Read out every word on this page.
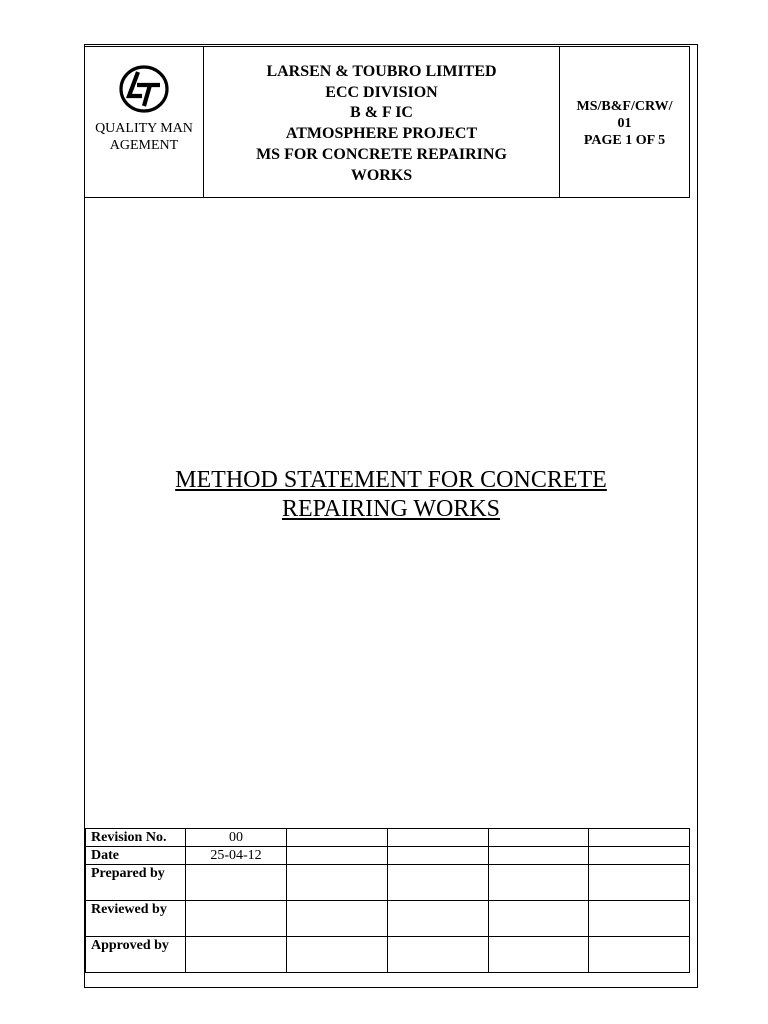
QUALITY MANAGEMENT
LARSEN & TOUBRO LIMITED
ECC DIVISION
B & F IC
ATMOSPHERE PROJECT
MS FOR CONCRETE REPAIRING
WORKS
MS/B&F/CRW/
01
PAGE 1 OF 5
METHOD STATEMENT FOR CONCRETE
REPAIRING WORKS
Revision No.	00				
Date	25-04-12				
Prepared by					
Reviewed by					
Approved by					
